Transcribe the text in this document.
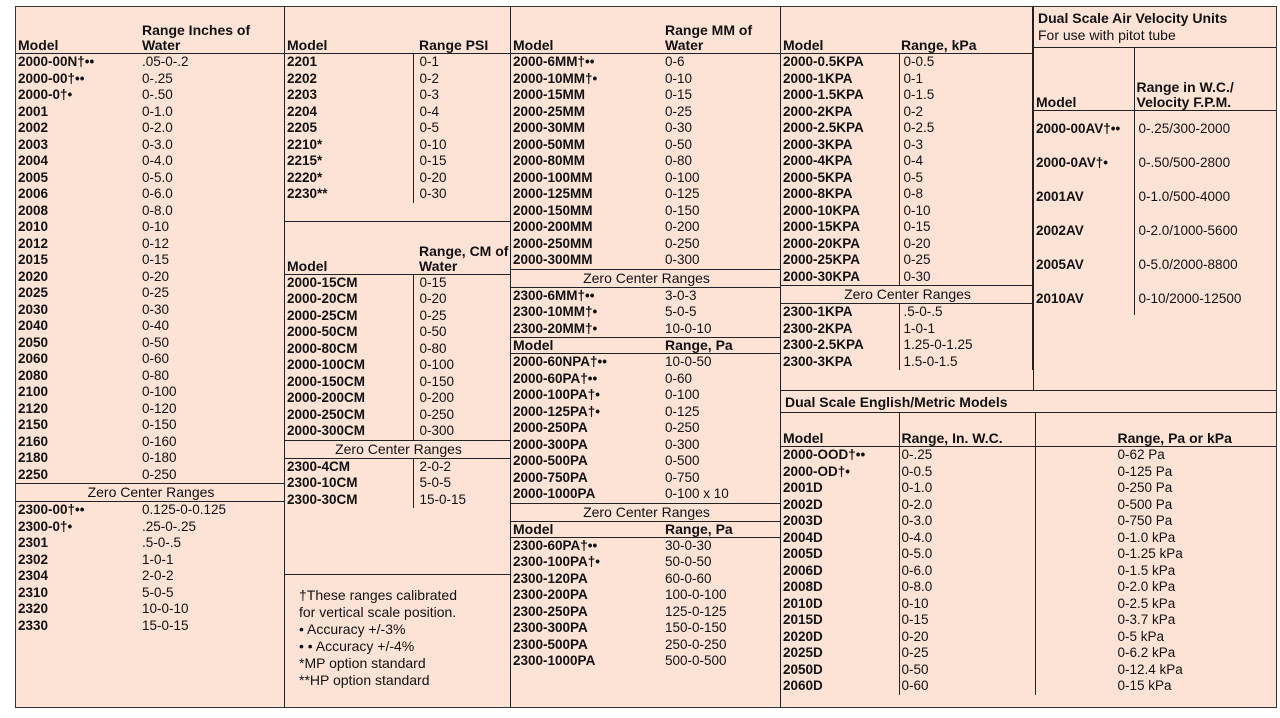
Model	Range Inches of Water
2000-00N†••	.05-0-.2
2000-00†••	0-.25
2000-0†•	0-.50
2001	0-1.0
2002	0-2.0
2003	0-3.0
2004	0-4.0
2005	0-5.0
2006	0-6.0
2008	0-8.0
2010	0-10
2012	0-12
2015	0-15
2020	0-20
2025	0-25
2030	0-30
2040	0-40
2050	0-50
2060	0-60
2080	0-80
2100	0-100
2120	0-120
2150	0-150
2160	0-160
2180	0-180
2250	0-250
Zero Center Ranges	
2300-00†••	0.125-0-0.125
2300-0†•	.25-0-.25
2301	.5-0-.5
2302	1-0-1
2304	2-0-2
2310	5-0-5
2320	10-0-10
2330	15-0-15
Model	Range PSI
2201	0-1
2202	0-2
2203	0-3
2204	0-4
2205	0-5
2210*	0-10
2215*	0-15
2220*	0-20
2230**	0-30

Model	Range, CM of Water
2000-15CM	0-15
2000-20CM	0-20
2000-25CM	0-25
2000-50CM	0-50
2000-80CM	0-80
2000-100CM	0-100
2000-150CM	0-150
2000-200CM	0-200
2000-250CM	0-250
2000-300CM	0-300
Zero Center Ranges	
2300-4CM	2-0-2
2300-10CM	5-0-5
2300-30CM	15-0-15
†These ranges calibrated
for vertical scale position.
• Accuracy +/-3%
• • Accuracy +/-4%
*MP option standard
**HP option standard
Model	Range MM of Water
2000-6MM†••	0-6
2000-10MM†•	0-10
2000-15MM	0-15
2000-25MM	0-25
2000-30MM	0-30
2000-50MM	0-50
2000-80MM	0-80
2000-100MM	0-100
2000-125MM	0-125
2000-150MM	0-150
2000-200MM	0-200
2000-250MM	0-250
2000-300MM	0-300
Zero Center Ranges	
2300-6MM†••	3-0-3
2300-10MM†•	5-0-5
2300-20MM†•	10-0-10
Model	Range, Pa
2000-60NPA†••	10-0-50
2000-60PA†••	0-60
2000-100PA†•	0-100
2000-125PA†•	0-125
2000-250PA	0-250
2000-300PA	0-300
2000-500PA	0-500
2000-750PA	0-750
2000-1000PA	0-100 x 10
Zero Center Ranges	
Model	Range, Pa
2300-60PA†••	30-0-30
2300-100PA†•	50-0-50
2300-120PA	60-0-60
2300-200PA	100-0-100
2300-250PA	125-0-125
2300-300PA	150-0-150
2300-500PA	250-0-250
2300-1000PA	500-0-500
Model	Range, kPa
2000-0.5KPA	0-0.5
2000-1KPA	0-1
2000-1.5KPA	0-1.5
2000-2KPA	0-2
2000-2.5KPA	0-2.5
2000-3KPA	0-3
2000-4KPA	0-4
2000-5KPA	0-5
2000-8KPA	0-8
2000-10KPA	0-10
2000-15KPA	0-15
2000-20KPA	0-20
2000-25KPA	0-25
2000-30KPA	0-30
Zero Center Ranges	
2300-1KPA	.5-0-.5
2300-2KPA	1-0-1
2300-2.5KPA	1.25-0-1.25
2300-3KPA	1.5-0-1.5
Dual Scale Air Velocity Units
For use with pitot tube
Model	Range in W.C./ Velocity F.P.M.
2000-00AV†••	0-.25/300-2000
2000-0AV†•	0-.50/500-2800
2001AV	0-1.0/500-4000
2002AV	0-2.0/1000-5600
2005AV	0-5.0/2000-8800
2010AV	0-10/2000-12500
Dual Scale English/Metric Models
Model	Range, In. W.C.	Range, Pa or kPa
2000-OOD†••	0-.25	0-62 Pa
2000-OD†•	0-0.5	0-125 Pa
2001D	0-1.0	0-250 Pa
2002D	0-2.0	0-500 Pa
2003D	0-3.0	0-750 Pa
2004D	0-4.0	0-1.0 kPa
2005D	0-5.0	0-1.25 kPa
2006D	0-6.0	0-1.5 kPa
2008D	0-8.0	0-2.0 kPa
2010D	0-10	0-2.5 kPa
2015D	0-15	0-3.7 kPa
2020D	0-20	0-5 kPa
2025D	0-25	0-6.2 kPa
2050D	0-50	0-12.4 kPa
2060D	0-60	0-15 kPa
